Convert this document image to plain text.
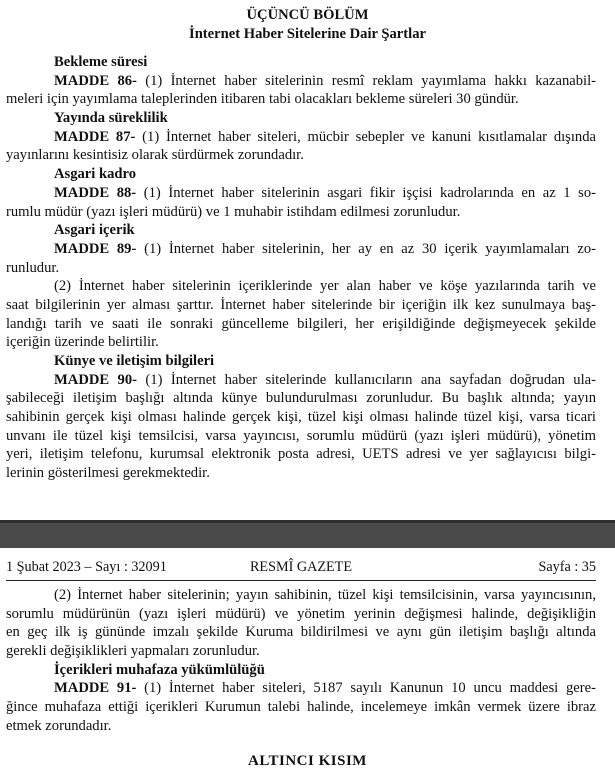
ÜÇÜNCÜ BÖLÜM
İnternet Haber Sitelerine Dair Şartlar
Bekleme süresi
MADDE 86- (1) İnternet haber sitelerinin resmî reklam yayımlama hakkı kazanabil-
meleri için yayımlama taleplerinden itibaren tabi olacakları bekleme süreleri 30 gündür.
Yayında süreklilik
MADDE 87- (1) İnternet haber siteleri, mücbir sebepler ve kanuni kısıtlamalar dışında
yayınlarını kesintisiz olarak sürdürmek zorundadır.
Asgari kadro
MADDE 88- (1) İnternet haber sitelerinin asgari fikir işçisi kadrolarında en az 1 so-
rumlu müdür (yazı işleri müdürü) ve 1 muhabir istihdam edilmesi zorunludur.
Asgari içerik
MADDE 89- (1) İnternet haber sitelerinin, her ay en az 30 içerik yayımlamaları zo-
runludur.
(2) İnternet haber sitelerinin içeriklerinde yer alan haber ve köşe yazılarında tarih ve
saat bilgilerinin yer alması şarttır. İnternet haber sitelerinde bir içeriğin ilk kez sunulmaya baş-
landığı tarih ve saati ile sonraki güncelleme bilgileri, her erişildiğinde değişmeyecek şekilde
içeriğin üzerinde belirtilir.
Künye ve iletişim bilgileri
MADDE 90- (1) İnternet haber sitelerinde kullanıcıların ana sayfadan doğrudan ula-
şabileceği iletişim başlığı altında künye bulundurulması zorunludur. Bu başlık altında; yayın
sahibinin gerçek kişi olması halinde gerçek kişi, tüzel kişi olması halinde tüzel kişi, varsa ticari
unvanı ile tüzel kişi temsilcisi, varsa yayıncısı, sorumlu müdürü (yazı işleri müdürü), yönetim
yeri, iletişim telefonu, kurumsal elektronik posta adresi, UETS adresi ve yer sağlayıcısı bilgi-
lerinin gösterilmesi gerekmektedir.
RESMÎ GAZETE
1 Şubat 2023 – Sayı : 32091	Sayfa : 35
(2) İnternet haber sitelerinin; yayın sahibinin, tüzel kişi temsilcisinin, varsa yayıncısının,
sorumlu müdürünün (yazı işleri müdürü) ve yönetim yerinin değişmesi halinde, değişikliğin
en geç ilk iş gününde imzalı şekilde Kuruma bildirilmesi ve aynı gün iletişim başlığı altında
gerekli değişiklikleri yapmaları zorunludur.
İçerikleri muhafaza yükümlülüğü
MADDE 91- (1) İnternet haber siteleri, 5187 sayılı Kanunun 10 uncu maddesi gere-
ğince muhafaza ettiği içerikleri Kurumun talebi halinde, incelemeye imkân vermek üzere ibraz
etmek zorundadır.
ALTINCI KISIM
